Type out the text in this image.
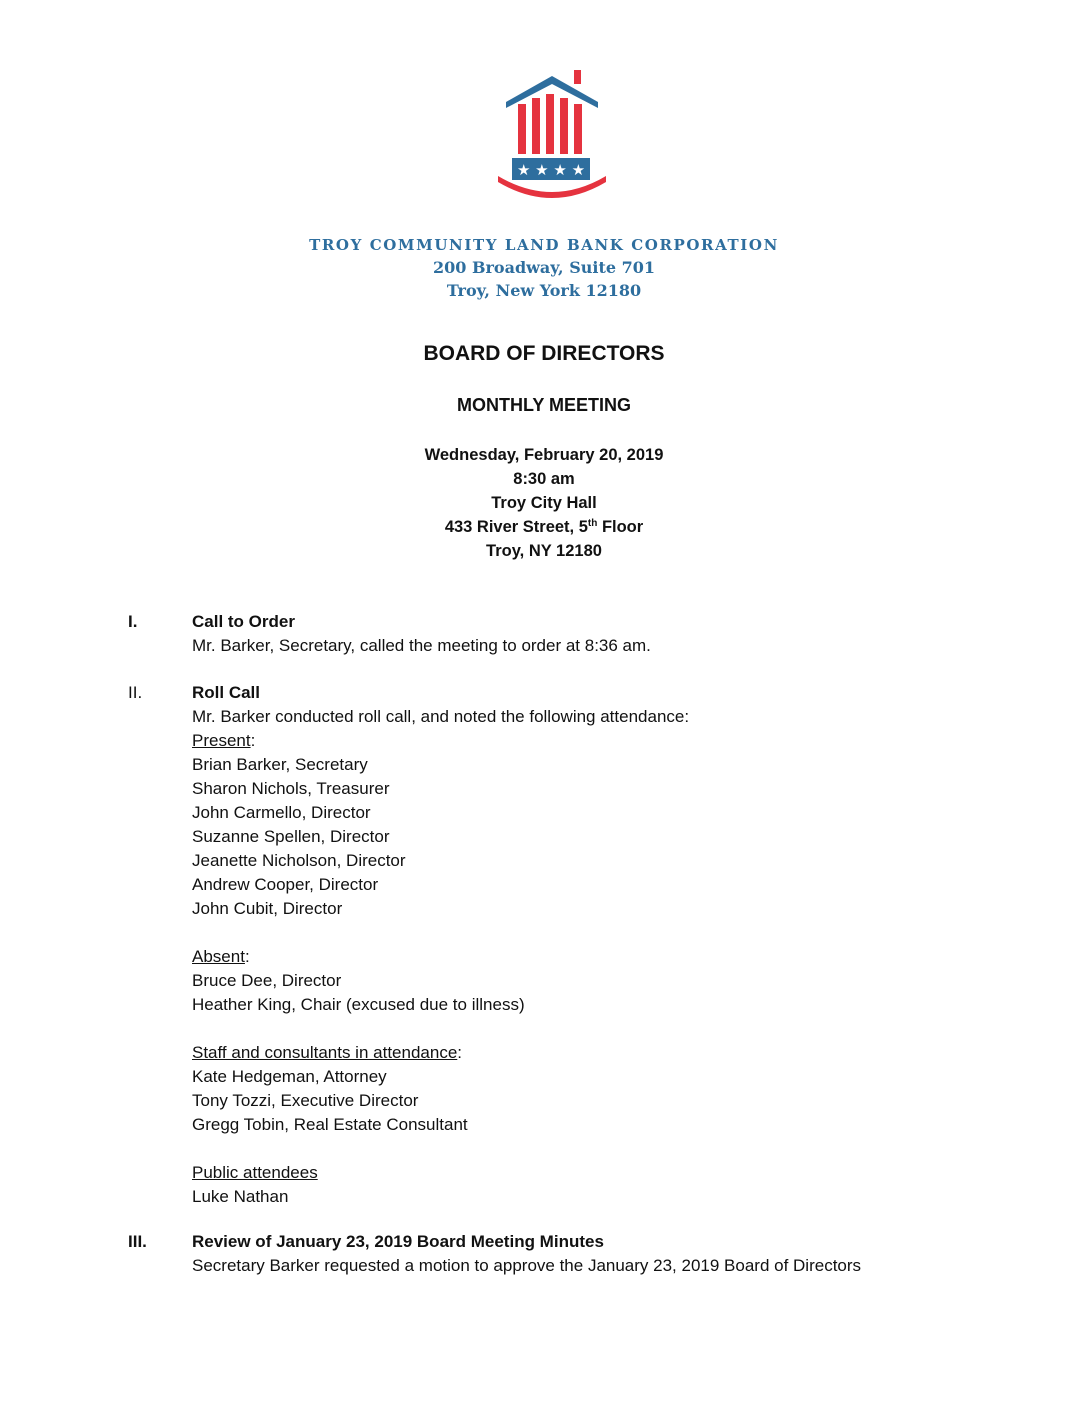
★ ★ ★ ★
TROY COMMUNITY LAND BANK CORPORATION
200 Broadway, Suite 701
Troy, New York 12180
BOARD OF DIRECTORS
MONTHLY MEETING
Wednesday, February 20, 2019
8:30 am
Troy City Hall
433 River Street, 5th Floor
Troy, NY 12180
I.	Call to Order
Mr. Barker, Secretary, called the meeting to order at 8:36 am.
II.	Roll Call
Mr. Barker conducted roll call, and noted the following attendance:
Present:
Brian Barker, Secretary
Sharon Nichols, Treasurer
John Carmello, Director
Suzanne Spellen, Director
Jeanette Nicholson, Director
Andrew Cooper, Director
John Cubit, Director
Absent:
Bruce Dee, Director
Heather King, Chair (excused due to illness)
Staff and consultants in attendance:
Kate Hedgeman, Attorney
Tony Tozzi, Executive Director
Gregg Tobin, Real Estate Consultant
Public attendees
Luke Nathan
III.	Review of January 23, 2019 Board Meeting Minutes
Secretary Barker requested a motion to approve the January 23, 2019 Board of Directors
